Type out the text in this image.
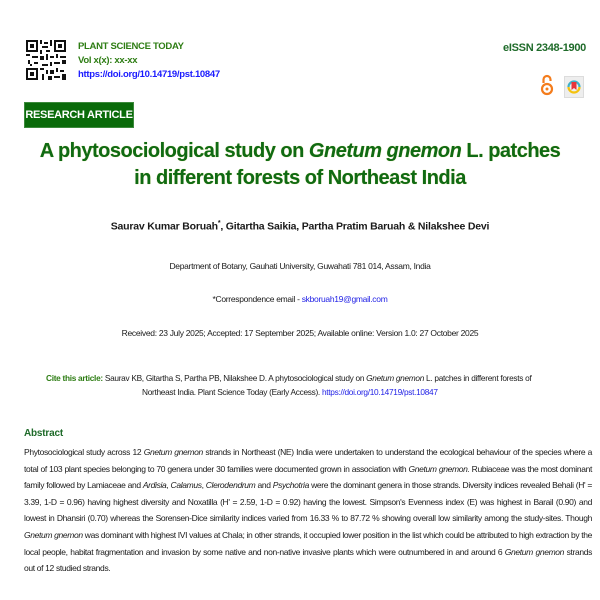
PLANT SCIENCE TODAY
Vol x(x): xx-xx
https://doi.org/10.14719/pst.10847
eISSN 2348-1900
RESEARCH ARTICLE
A phytosociological study on Gnetum gnemon L. patches in different forests of Northeast India
Saurav Kumar Boruah*, Gitartha Saikia, Partha Pratim Baruah & Nilakshee Devi
Department of Botany, Gauhati University, Guwahati 781 014, Assam, India
*Correspondence email - skboruah19@gmail.com
Received: 23 July 2025; Accepted: 17 September 2025; Available online: Version 1.0: 27 October 2025
Cite this article: Saurav KB, Gitartha S, Partha PB, Nilakshee D. A phytosociological study on Gnetum gnemon L. patches in different forests of
Northeast India. Plant Science Today (Early Access). https://doi.org/10.14719/pst.10847
Abstract

Phytosociological study across 12 Gnetum gnemon strands in Northeast (NE) India were undertaken to understand the ecological behaviour of the species where a total of 103 plant species belonging to 70 genera under 30 families were documented grown in association with Gnetum gnemon. Rubiaceae was the most dominant family followed by Lamiaceae and Ardisia, Calamus, Clerodendrum and Psychotria were the dominant genera in those strands. Diversity indices revealed Behali (H' = 3.39, 1-D = 0.96) having highest diversity and Noxatilla (H' = 2.59, 1-D = 0.92) having the lowest. Simpson's Evenness index (E) was highest in Barail (0.90) and lowest in Dhansiri (0.70) whereas the Sorensen-Dice similarity indices varied from 16.33 % to 87.72 % showing overall low similarity among the study-sites. Though Gnetum gnemon was dominant with highest IVI values at Chala; in other strands, it occupied lower position in the list which could be attributed to high extraction by the local people, habitat fragmentation and invasion by some native and non-native invasive plants which were outnumbered in and around 6 Gnetum gnemon strands out of 12 studied strands.
